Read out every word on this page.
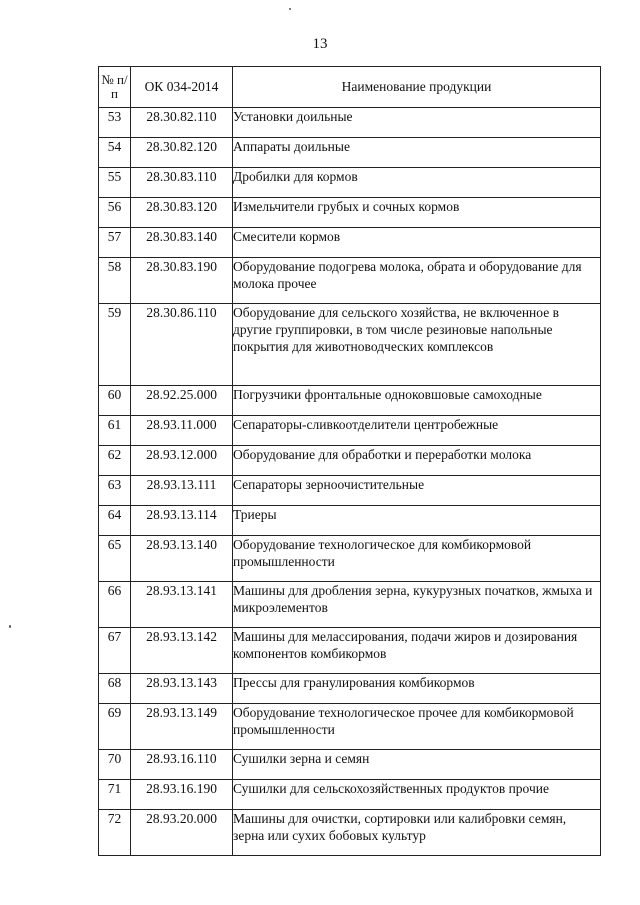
13
№ п/п	ОК 034-2014	Наименование продукции
53	28.30.82.110	Установки доильные
54	28.30.82.120	Аппараты доильные
55	28.30.83.110	Дробилки для кормов
56	28.30.83.120	Измельчители грубых и сочных кормов
57	28.30.83.140	Смесители кормов
58	28.30.83.190	Оборудование подогрева молока, обрата и оборудование для молока прочее
59	28.30.86.110	Оборудование для сельского хозяйства, не включенное в другие группировки, в том числе резиновые напольные покрытия для животноводческих комплексов
60	28.92.25.000	Погрузчики фронтальные одноковшовые самоходные
61	28.93.11.000	Сепараторы-сливкоотделители центробежные
62	28.93.12.000	Оборудование для обработки и переработки молока
63	28.93.13.111	Сепараторы зерноочистительные
64	28.93.13.114	Триеры
65	28.93.13.140	Оборудование технологическое для комбикормовой промышленности
66	28.93.13.141	Машины для дробления зерна, кукурузных початков, жмыха и микроэлементов
67	28.93.13.142	Машины для мелассирования, подачи жиров и дозирования компонентов комбикормов
68	28.93.13.143	Прессы для гранулирования комбикормов
69	28.93.13.149	Оборудование технологическое прочее для комбикормовой промышленности
70	28.93.16.110	Сушилки зерна и семян
71	28.93.16.190	Сушилки для сельскохозяйственных продуктов прочие
72	28.93.20.000	Машины для очистки, сортировки или калибровки семян, зерна или сухих бобовых культур
